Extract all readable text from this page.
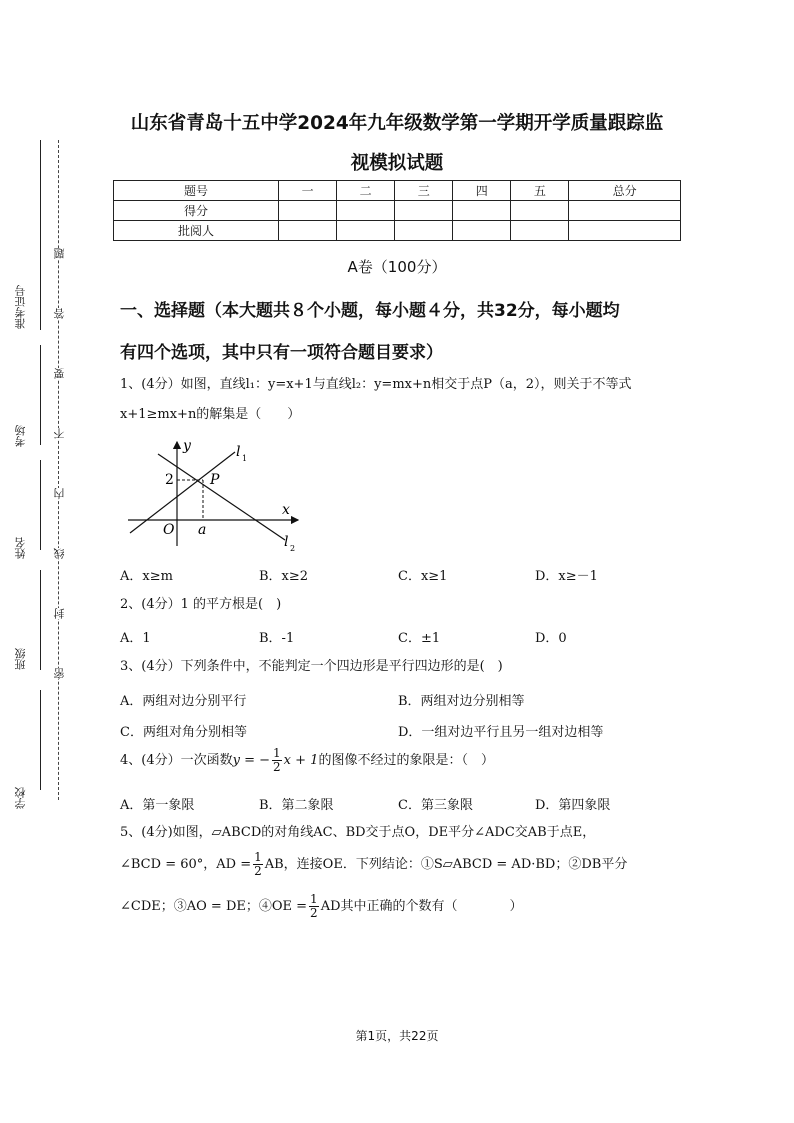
准考证号
考场
姓名
班级
学校
题
答
要
不
内
线
封
密
山东省青岛十五中学2024年九年级数学第一学期开学质量跟踪监
视模拟试题
题号	一	二	三	四	五	总分
得分						
批阅人						
A卷（100分）
一、选择题（本大题共８个小题，每小题４分，共32分，每小题均
有四个选项，其中只有一项符合题目要求）
1、(4分）如图，直线l₁：y=x+1与直线l₂：y=mx+n相交于点P（a，2），则关于不等式
x+1≥mx+n的解集是（　　）
y
x
2	P
O a
l 1
l 2
A．x≥m	B．x≥2	C．x≥1	D．x≥－1
2、(4分）1 的平方根是(　)
A．1	B．-1	C．±1	D．0
3、(4分）下列条件中，不能判定一个四边形是平行四边形的是(　)
A．两组对边分别平行	B．两组对边分别相等
C．两组对角分别相等	D．一组对边平行且另一组对边相等
4、(4分）一次函数 y = − $\frac{1}{2}$ x + 1 的图像不经过的象限是：（　）
A．第一象限	B．第二象限	C．第三象限	D．第四象限
5、(4分)如图，▱ABCD的对角线AC、BD交于点O，DE平分∠ADC交AB于点E，
∠BCD = 60°，AD = $\frac{1}{2}$ AB，连接OE．下列结论：①S▱ABCD = AD·BD；②DB平分
∠CDE；③AO = DE；④OE = $\frac{1}{2}$ AD其中正确的个数有（　　　　）
第1页，共22页
